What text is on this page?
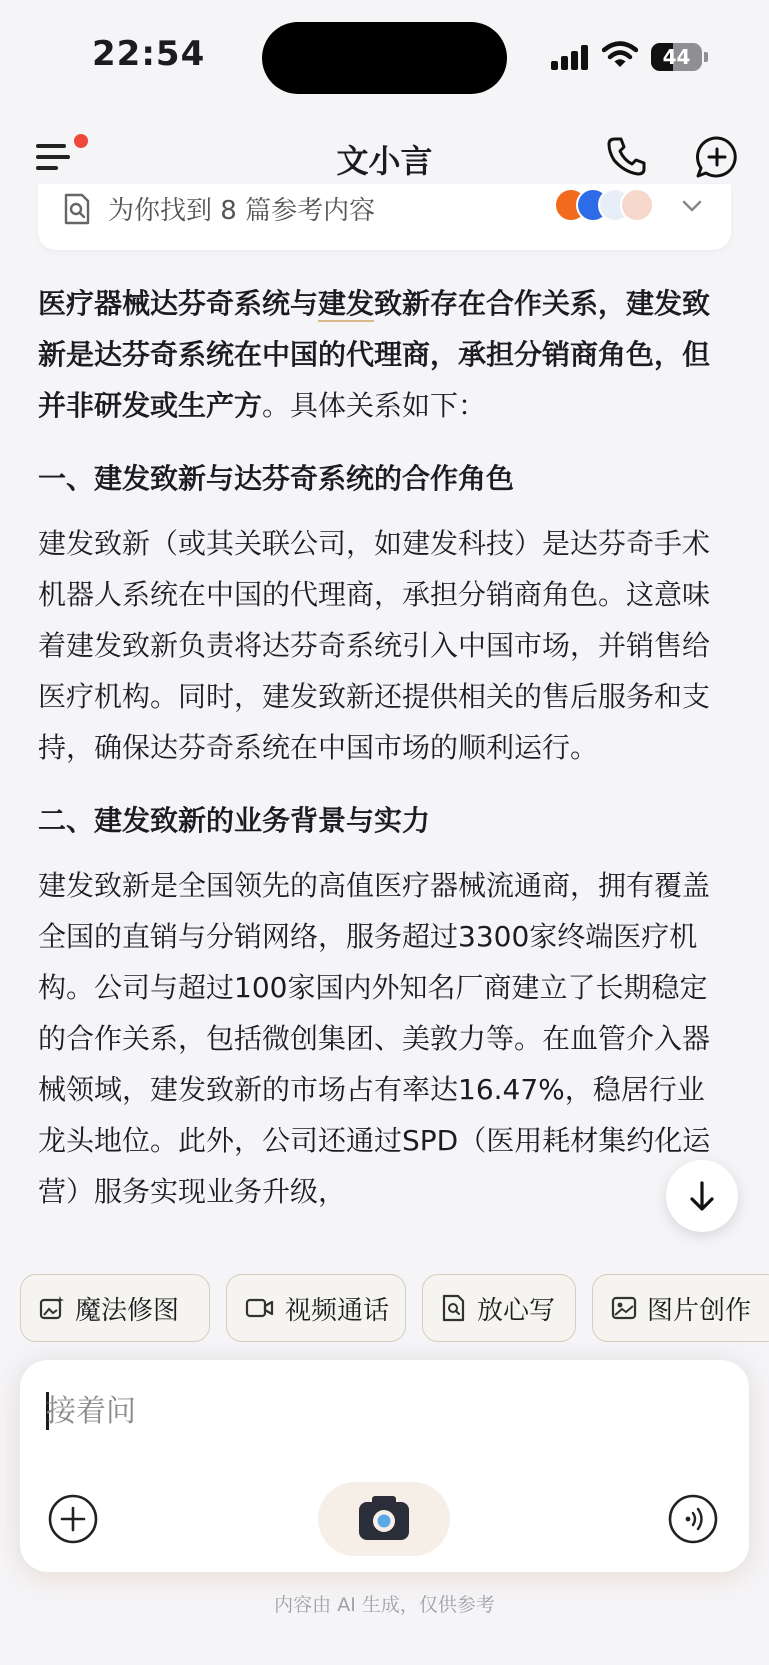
22:54	44
文小言
为你找到 8 篇参考内容
医疗器械达芬奇系统与建发致新存在合作关系，建发致新是达芬奇系统在中国的代理商，承担分销商角色，但并非研发或生产方。具体关系如下：
一、建发致新与达芬奇系统的合作角色
建发致新（或其关联公司，如建发科技）是达芬奇手术机器人系统在中国的代理商，承担分销商角色。这意味着建发致新负责将达芬奇系统引入中国市场，并销售给医疗机构。同时，建发致新还提供相关的售后服务和支持，确保达芬奇系统在中国市场的顺利运行。
二、建发致新的业务背景与实力
建发致新是全国领先的高值医疗器械流通商，拥有覆盖全国的直销与分销网络，服务超过3300家终端医疗机构。公司与超过100家国内外知名厂商建立了长期稳定的合作关系，包括微创集团、美敦力等。在血管介入器械领域，建发致新的市场占有率达16.47%，稳居行业龙头地位。此外，公司还通过SPD（医用耗材集约化运营）服务实现业务升级，
魔法修图	视频通话	放心写	图片创作
接着问
内容由 AI 生成，仅供参考
